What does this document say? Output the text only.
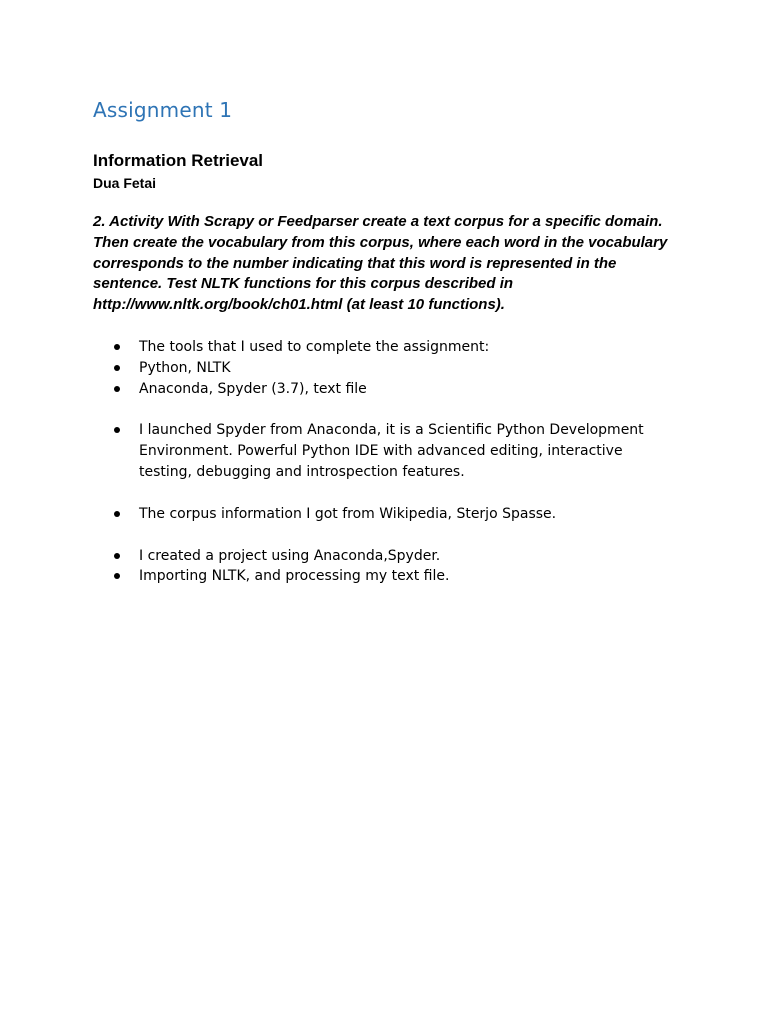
Assignment 1
Information Retrieval

Dua Fetai

2. Activity With Scrapy or Feedparser create a text corpus for a specific domain. Then create the vocabulary from this corpus, where each word in the vocabulary corresponds to the number indicating that this word is represented in the sentence. Test NLTK functions for this corpus described in http://www.nltk.org/book/ch01.html (at least 10 functions).

The tools that I used to complete the assignment:
Python, NLTK
Anaconda, Spyder (3.7), text file
I launched Spyder from Anaconda, it is a Scientific Python Development Environment. Powerful Python IDE with advanced editing, interactive testing, debugging and introspection features.
The corpus information I got from Wikipedia, Sterjo Spasse.
I created a project using Anaconda,Spyder.
Importing NLTK, and processing my text file.
